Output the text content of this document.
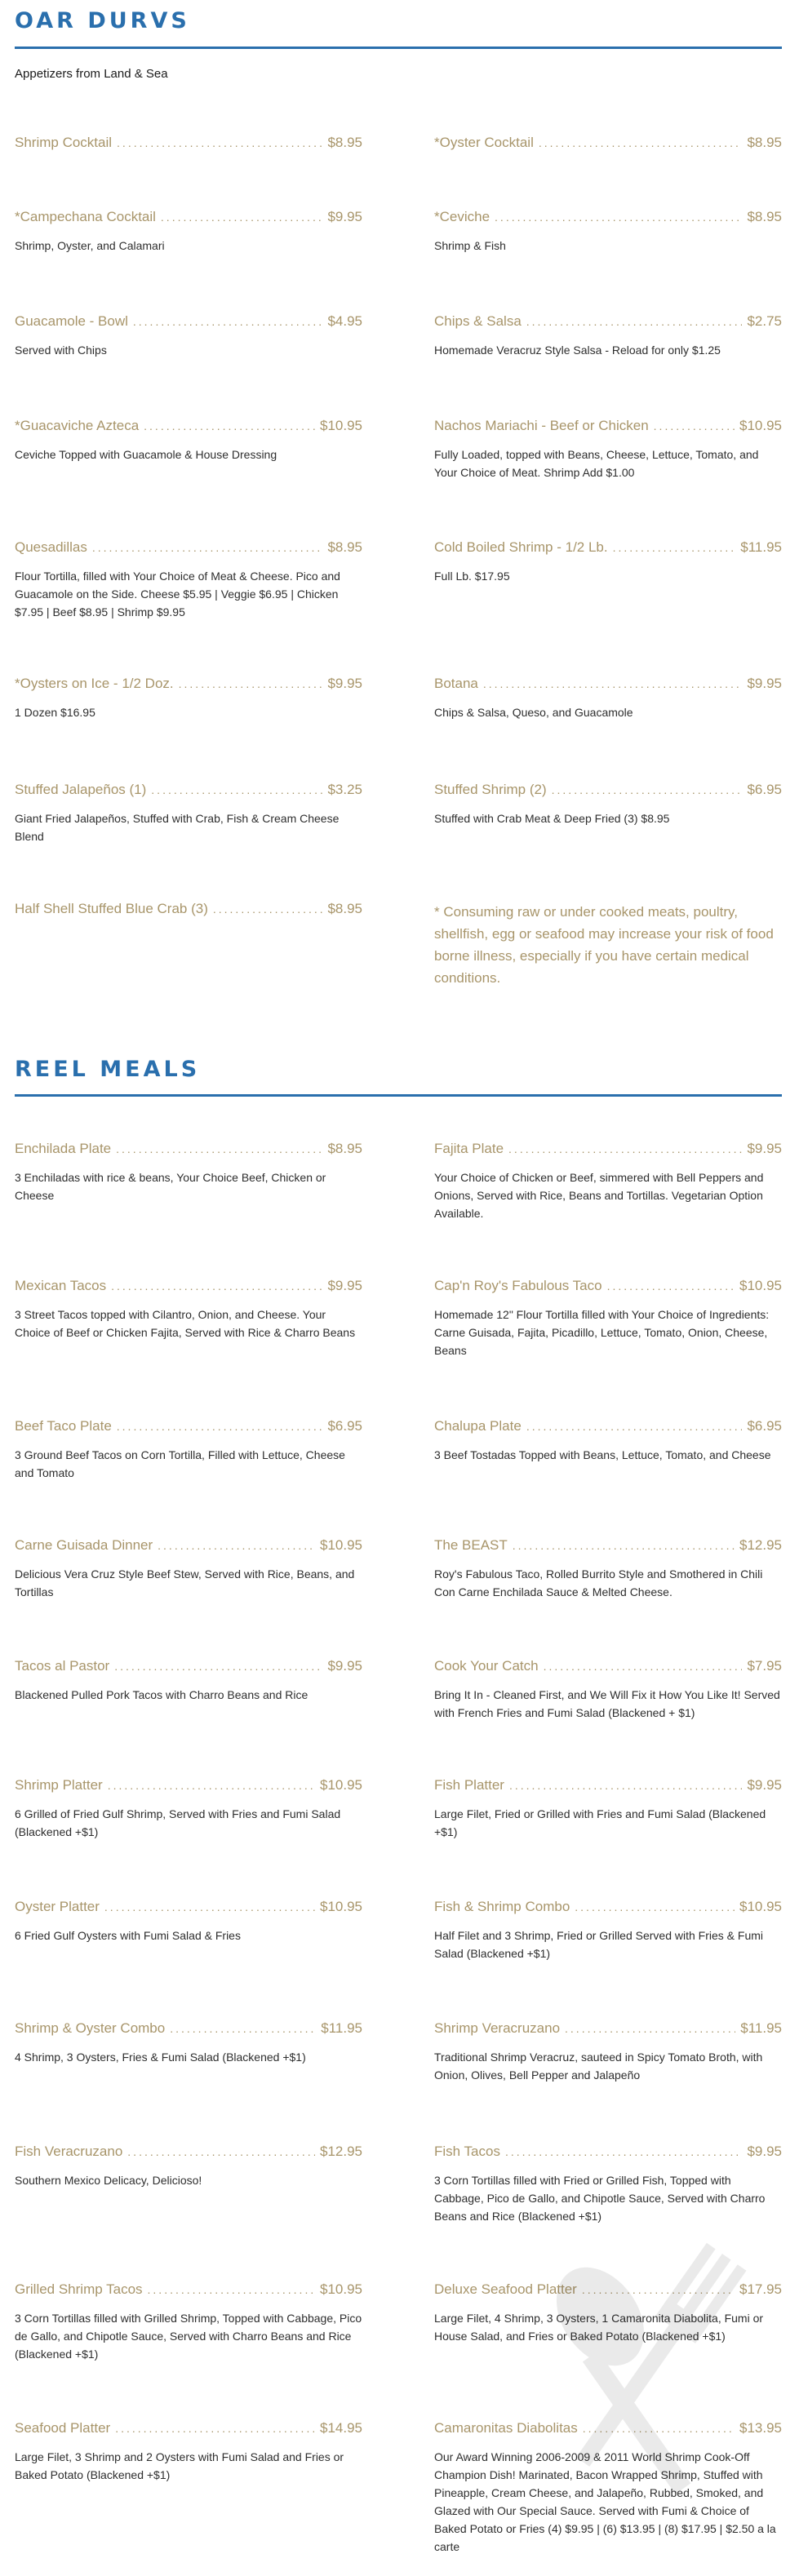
OAR DURVS
Appetizers from Land & Sea
Shrimp Cocktail .....	$8.95	*Oyster Cocktail .....	$8.95
*Campechana Cocktail .....	$9.95
Shrimp, Oyster, and Calamari
*Ceviche .....	$8.95
Shrimp & Fish
Guacamole - Bowl .....	$4.95
Served with Chips
Chips & Salsa .....	$2.75
Homemade Veracruz Style Salsa - Reload for only $1.25
*Guacaviche Azteca .....	$10.95
Ceviche Topped with Guacamole & House Dressing
Nachos Mariachi - Beef or Chicken .....	$10.95
Fully Loaded, topped with Beans, Cheese, Lettuce, Tomato, and Your Choice of Meat. Shrimp Add $1.00
Quesadillas .....	$8.95
Flour Tortilla, filled with Your Choice of Meat & Cheese. Pico and Guacamole on the Side. Cheese $5.95 | Veggie $6.95 | Chicken $7.95 | Beef $8.95 | Shrimp $9.95
Cold Boiled Shrimp - 1/2 Lb. .....	$11.95
Full Lb. $17.95
*Oysters on Ice - 1/2 Doz. .....	$9.95
1 Dozen $16.95
Botana .....	$9.95
Chips & Salsa, Queso, and Guacamole
Stuffed Jalapeños (1) .....	$3.25
Giant Fried Jalapeños, Stuffed with Crab, Fish & Cream Cheese Blend
Stuffed Shrimp (2) .....	$6.95
Stuffed with Crab Meat & Deep Fried (3) $8.95
Half Shell Stuffed Blue Crab (3) .....	$8.95	* Consuming raw or under cooked meats, poultry, shellfish, egg or seafood may increase your risk of food borne illness, especially if you have certain medical conditions.
REEL MEALS
Enchilada Plate .....	$8.95
3 Enchiladas with rice & beans, Your Choice Beef, Chicken or Cheese
Fajita Plate .....	$9.95
Your Choice of Chicken or Beef, simmered with Bell Peppers and Onions, Served with Rice, Beans and Tortillas. Vegetarian Option Available.
Mexican Tacos .....	$9.95
3 Street Tacos topped with Cilantro, Onion, and Cheese. Your Choice of Beef or Chicken Fajita, Served with Rice & Charro Beans
Cap'n Roy's Fabulous Taco .....	$10.95
Homemade 12" Flour Tortilla filled with Your Choice of Ingredients: Carne Guisada, Fajita, Picadillo, Lettuce, Tomato, Onion, Cheese, Beans
Beef Taco Plate .....	$6.95
3 Ground Beef Tacos on Corn Tortilla, Filled with Lettuce, Cheese and Tomato
Chalupa Plate .....	$6.95
3 Beef Tostadas Topped with Beans, Lettuce, Tomato, and Cheese
Carne Guisada Dinner .....	$10.95
Delicious Vera Cruz Style Beef Stew, Served with Rice, Beans, and Tortillas
The BEAST .....	$12.95
Roy's Fabulous Taco, Rolled Burrito Style and Smothered in Chili Con Carne Enchilada Sauce & Melted Cheese.
Tacos al Pastor .....	$9.95
Blackened Pulled Pork Tacos with Charro Beans and Rice
Cook Your Catch .....	$7.95
Bring It In - Cleaned First, and We Will Fix it How You Like It! Served with French Fries and Fumi Salad (Blackened + $1)
Shrimp Platter .....	$10.95
6 Grilled of Fried Gulf Shrimp, Served with Fries and Fumi Salad (Blackened +$1)
Fish Platter .....	$9.95
Large Filet, Fried or Grilled with Fries and Fumi Salad (Blackened +$1)
Oyster Platter .....	$10.95
6 Fried Gulf Oysters with Fumi Salad & Fries
Fish & Shrimp Combo .....	$10.95
Half Filet and 3 Shrimp, Fried or Grilled Served with Fries & Fumi Salad (Blackened +$1)
Shrimp & Oyster Combo .....	$11.95
4 Shrimp, 3 Oysters, Fries & Fumi Salad (Blackened +$1)
Shrimp Veracruzano .....	$11.95
Traditional Shrimp Veracruz, sauteed in Spicy Tomato Broth, with Onion, Olives, Bell Pepper and Jalapeño
Fish Veracruzano .....	$12.95
Southern Mexico Delicacy, Delicioso!
Fish Tacos .....	$9.95
3 Corn Tortillas filled with Fried or Grilled Fish, Topped with Cabbage, Pico de Gallo, and Chipotle Sauce, Served with Charro Beans and Rice (Blackened +$1)
Grilled Shrimp Tacos .....	$10.95
3 Corn Tortillas filled with Grilled Shrimp, Topped with Cabbage, Pico de Gallo, and Chipotle Sauce, Served with Charro Beans and Rice (Blackened +$1)
Deluxe Seafood Platter .....	$17.95
Large Filet, 4 Shrimp, 3 Oysters, 1 Camaronita Diabolita, Fumi or House Salad, and Fries or Baked Potato (Blackened +$1)
Seafood Platter .....	$14.95
Large Filet, 3 Shrimp and 2 Oysters with Fumi Salad and Fries or Baked Potato (Blackened +$1)
Camaronitas Diabolitas .....	$13.95
Our Award Winning 2006-2009 & 2011 World Shrimp Cook-Off Champion Dish! Marinated, Bacon Wrapped Shrimp, Stuffed with Pineapple, Cream Cheese, and Jalapeño, Rubbed, Smoked, and Glazed with Our Special Sauce. Served with Fumi & Choice of Baked Potato or Fries (4) $9.95 | (6) $13.95 | (8) $17.95 | $2.50 a la carte
